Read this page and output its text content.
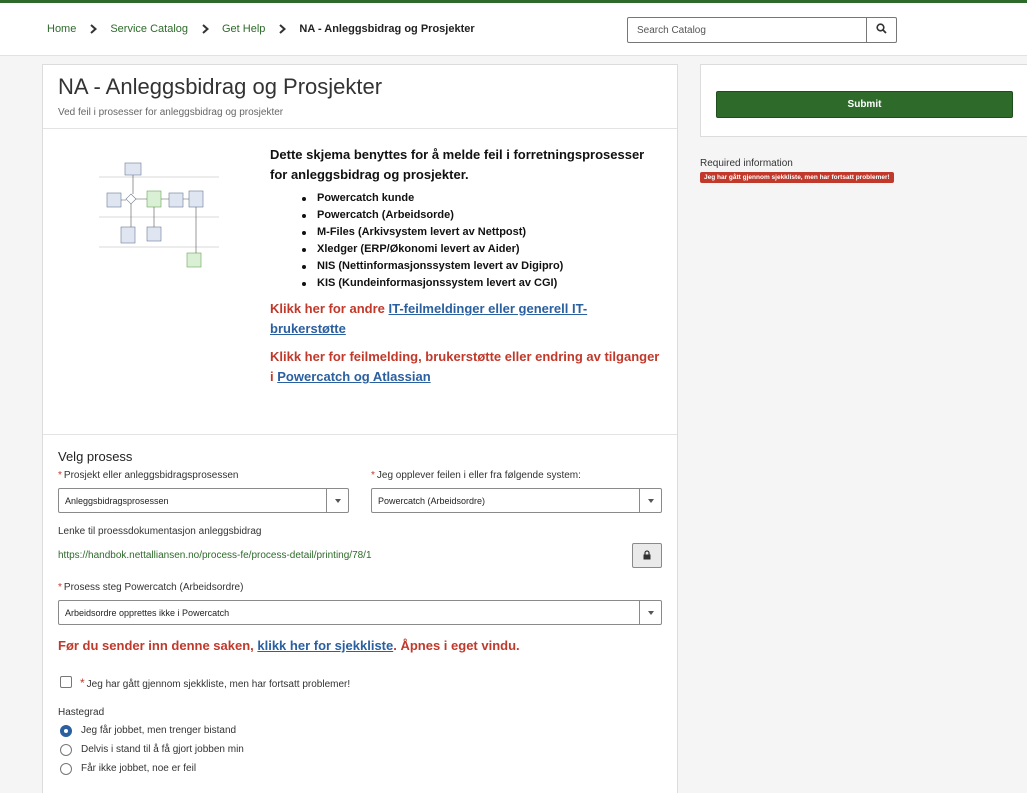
Home	Service Catalog	Get Help	NA - Anleggsbidrag og Prosjekter
Search Catalog
NA - Anleggsbidrag og Prosjekter
Ved feil i prosesser for anleggsbidrag og prosjekter
Dette skjema benyttes for å melde feil i forretningsprosesser for anleggsbidrag og prosjekter.
Powercatch kunde
Powercatch (Arbeidsorde)
M-Files (Arkivsystem levert av Nettpost)
Xledger (ERP/Økonomi levert av Aider)
NIS (Nettinformasjonssystem levert av Digipro)
KIS (Kundeinformasjonssystem levert av CGI)
Klikk her for andre IT-feilmeldinger eller generell IT-brukerstøtte
Klikk her for feilmelding, brukerstøtte eller endring av tilganger i Powercatch og Atlassian
Velg prosess
* Prosjekt eller anleggsbidragsprosessen
Anleggsbidragsprosessen
* Jeg opplever feilen i eller fra følgende system:
Powercatch (Arbeidsordre)
Lenke til proessdokumentasjon anleggsbidrag
https://handbok.nettalliansen.no/process-fe/process-detail/printing/78/1
* Prosess steg Powercatch (Arbeidsordre)
Arbeidsordre opprettes ikke i Powercatch
Før du sender inn denne saken, klikk her for sjekkliste. Åpnes i eget vindu.
* Jeg har gått gjennom sjekkliste, men har fortsatt problemer!
Hastegrad
Jeg får jobbet, men trenger bistand
Delvis i stand til å få gjort jobben min
Får ikke jobbet, noe er feil
Submit
Required information
Jeg har gått gjennom sjekkliste, men har fortsatt problemer!
